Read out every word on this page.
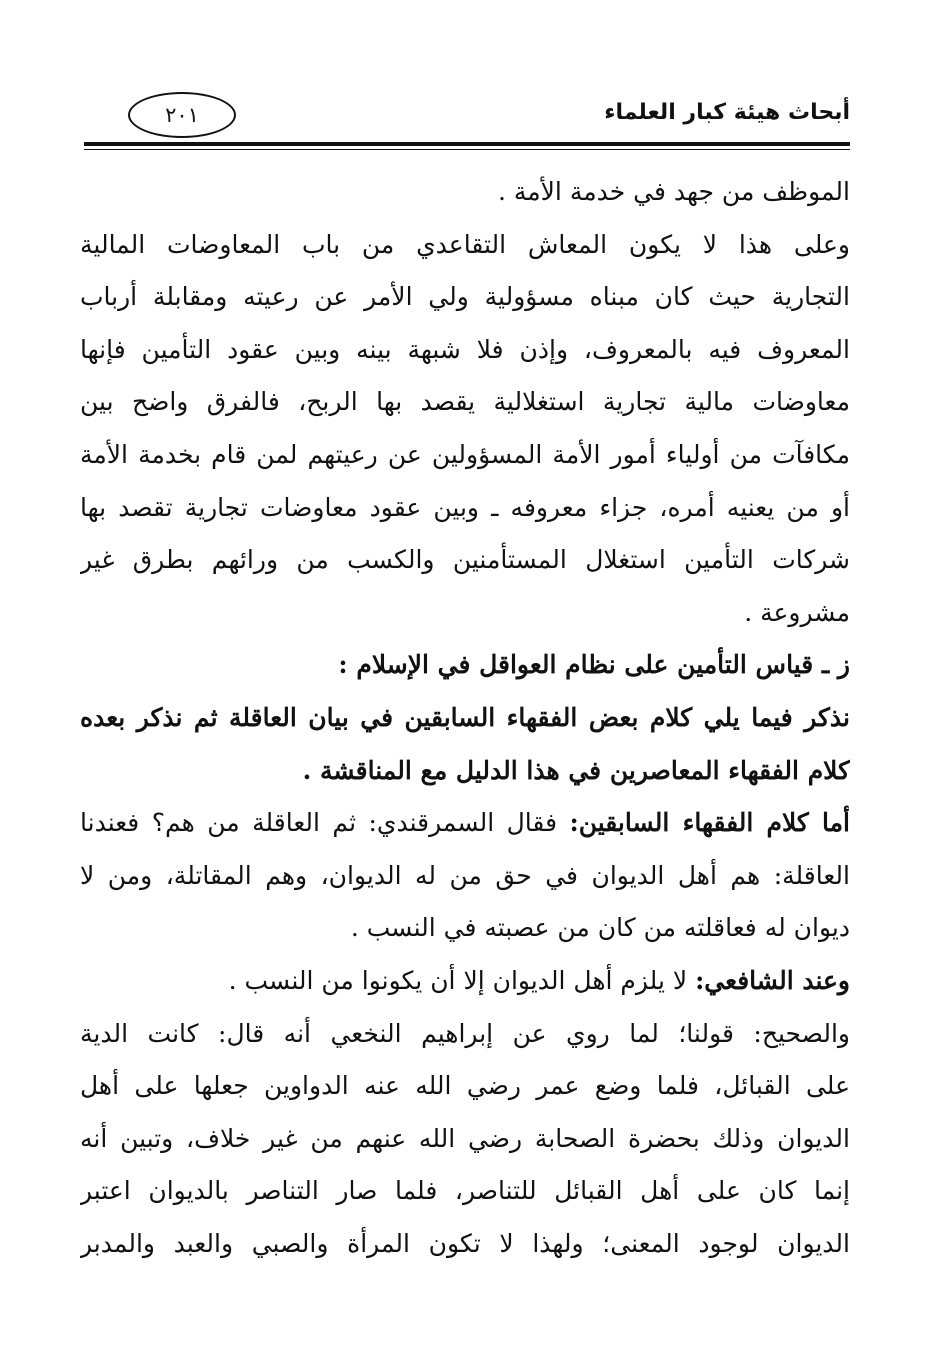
أبحاث هيئة كبار العلماء
٢٠١
الموظف من جهد في خدمة الأمة .
وعلى هذا لا يكون المعاش التقاعدي من باب المعاوضات المالية
التجارية حيث كان مبناه مسؤولية ولي الأمر عن رعيته ومقابلة أرباب
المعروف فيه بالمعروف، وإذن فلا شبهة بينه وبين عقود التأمين فإنها
معاوضات مالية تجارية استغلالية يقصد بها الربح، فالفرق واضح بين
مكافآت من أولياء أمور الأمة المسؤولين عن رعيتهم لمن قام بخدمة الأمة
أو من يعنيه أمره، جزاء معروفه ـ وبين عقود معاوضات تجارية تقصد بها
شركات التأمين استغلال المستأمنين والكسب من ورائهم بطرق غير
مشروعة .
ز ـ قياس التأمين على نظام العواقل في الإسلام :
نذكر فيما يلي كلام بعض الفقهاء السابقين في بيان العاقلة ثم نذكر بعده
كلام الفقهاء المعاصرين في هذا الدليل مع المناقشة .
أما كلام الفقهاء السابقين: فقال السمرقندي: ثم العاقلة من هم؟ فعندنا
العاقلة: هم أهل الديوان في حق من له الديوان، وهم المقاتلة، ومن لا
ديوان له فعاقلته من كان من عصبته في النسب .
وعند الشافعي: لا يلزم أهل الديوان إلا أن يكونوا من النسب .
والصحيح: قولنا؛ لما روي عن إبراهيم النخعي أنه قال: كانت الدية
على القبائل، فلما وضع عمر رضي الله عنه الدواوين جعلها على أهل
الديوان وذلك بحضرة الصحابة رضي الله عنهم من غير خلاف، وتبين أنه
إنما كان على أهل القبائل للتناصر، فلما صار التناصر بالديوان اعتبر
الديوان لوجود المعنى؛ ولهذا لا تكون المرأة والصبي والعبد والمدبر
